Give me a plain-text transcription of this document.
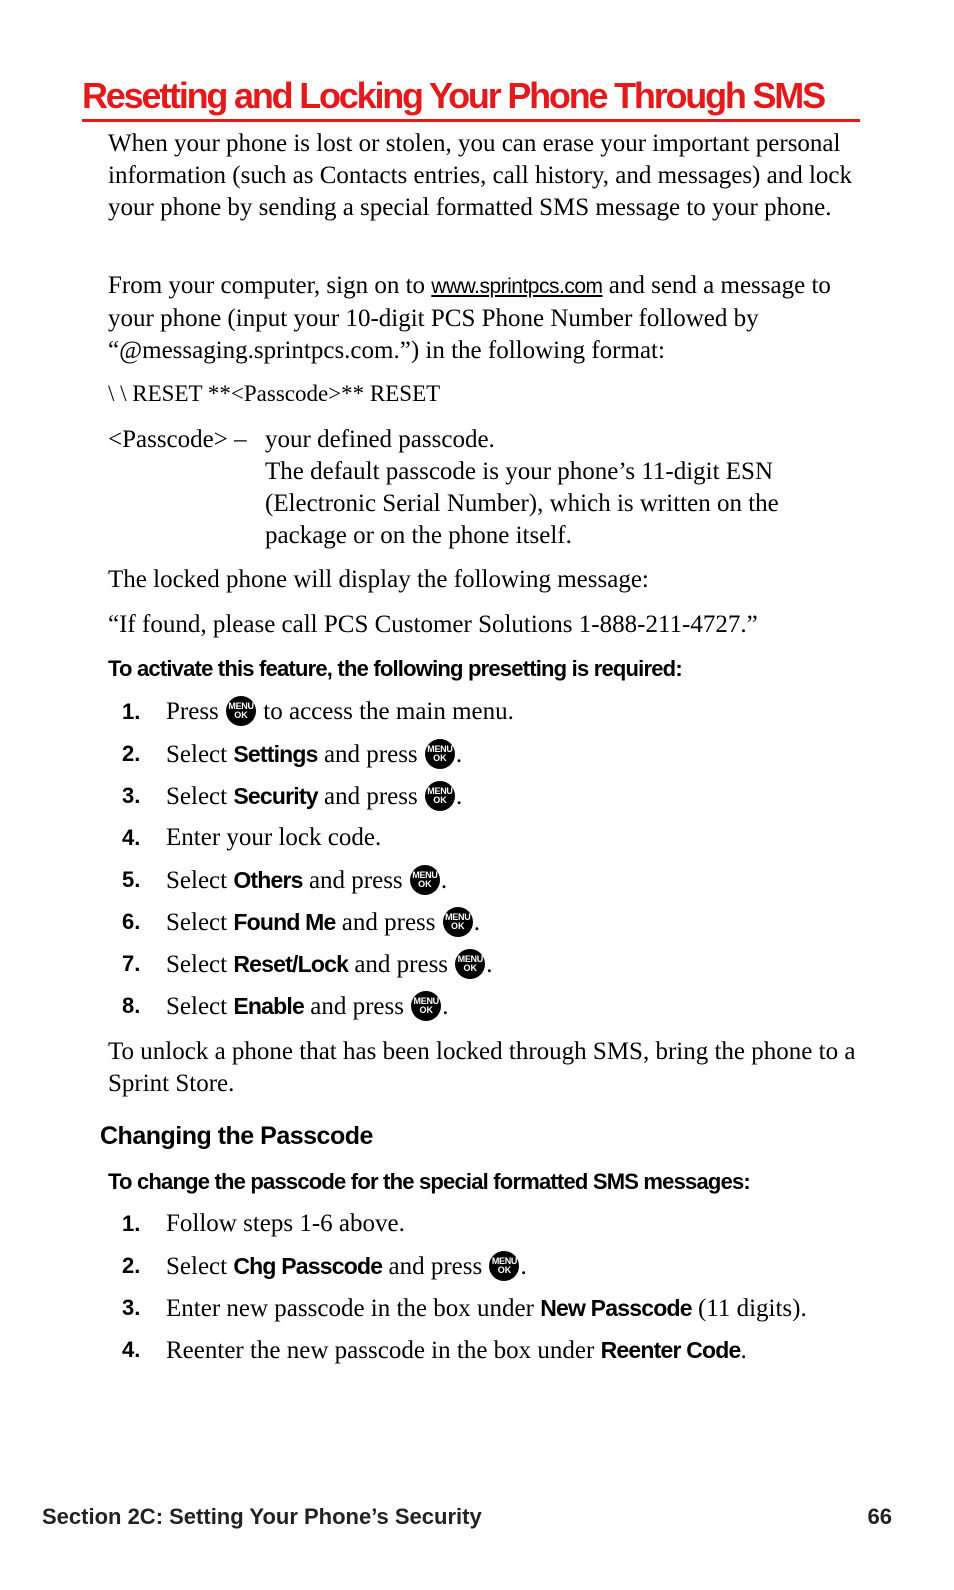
Resetting and Locking Your Phone Through SMS

When your phone is lost or stolen, you can erase your important personal information (such as Contacts entries, call history, and messages) and lock your phone by sending a special formatted SMS message to your phone.

From your computer, sign on to www.sprintpcs.com and send a message to your phone (input your 10-digit PCS Phone Number followed by “@messaging.sprintpcs.com.”) in the following format:

\ \ RESET **<Passcode>** RESET
<Passcode> – your defined passcode.
The default passcode is your phone’s 11-digit ESN
(Electronic Serial Number), which is written on the
package or on the phone itself.
The locked phone will display the following message:
“If found, please call PCS Customer Solutions 1-888-211-4727.”
To activate this feature, the following presetting is required:
1.	Press MENU
OK to access the main menu.
2.	Select Settings and press MENU
OK .
3.	Select Security and press MENU
OK .
4.	Enter your lock code.
5.	Select Others and press MENU
OK .
6.	Select Found Me and press MENU
OK .
7.	Select Reset/Lock and press MENU
OK .
8.	Select Enable and press MENU
OK .

To unlock a phone that has been locked through SMS, bring the phone to a Sprint Store.

Changing the Passcode
To change the passcode for the special formatted SMS messages:
1.	Follow steps 1-6 above.
2.	Select Chg Passcode and press MENU
OK .
3.	Enter new passcode in the box under New Passcode (11 digits).
4.	Reenter the new passcode in the box under Reenter Code.
Section 2C: Setting Your Phone’s Security	66
